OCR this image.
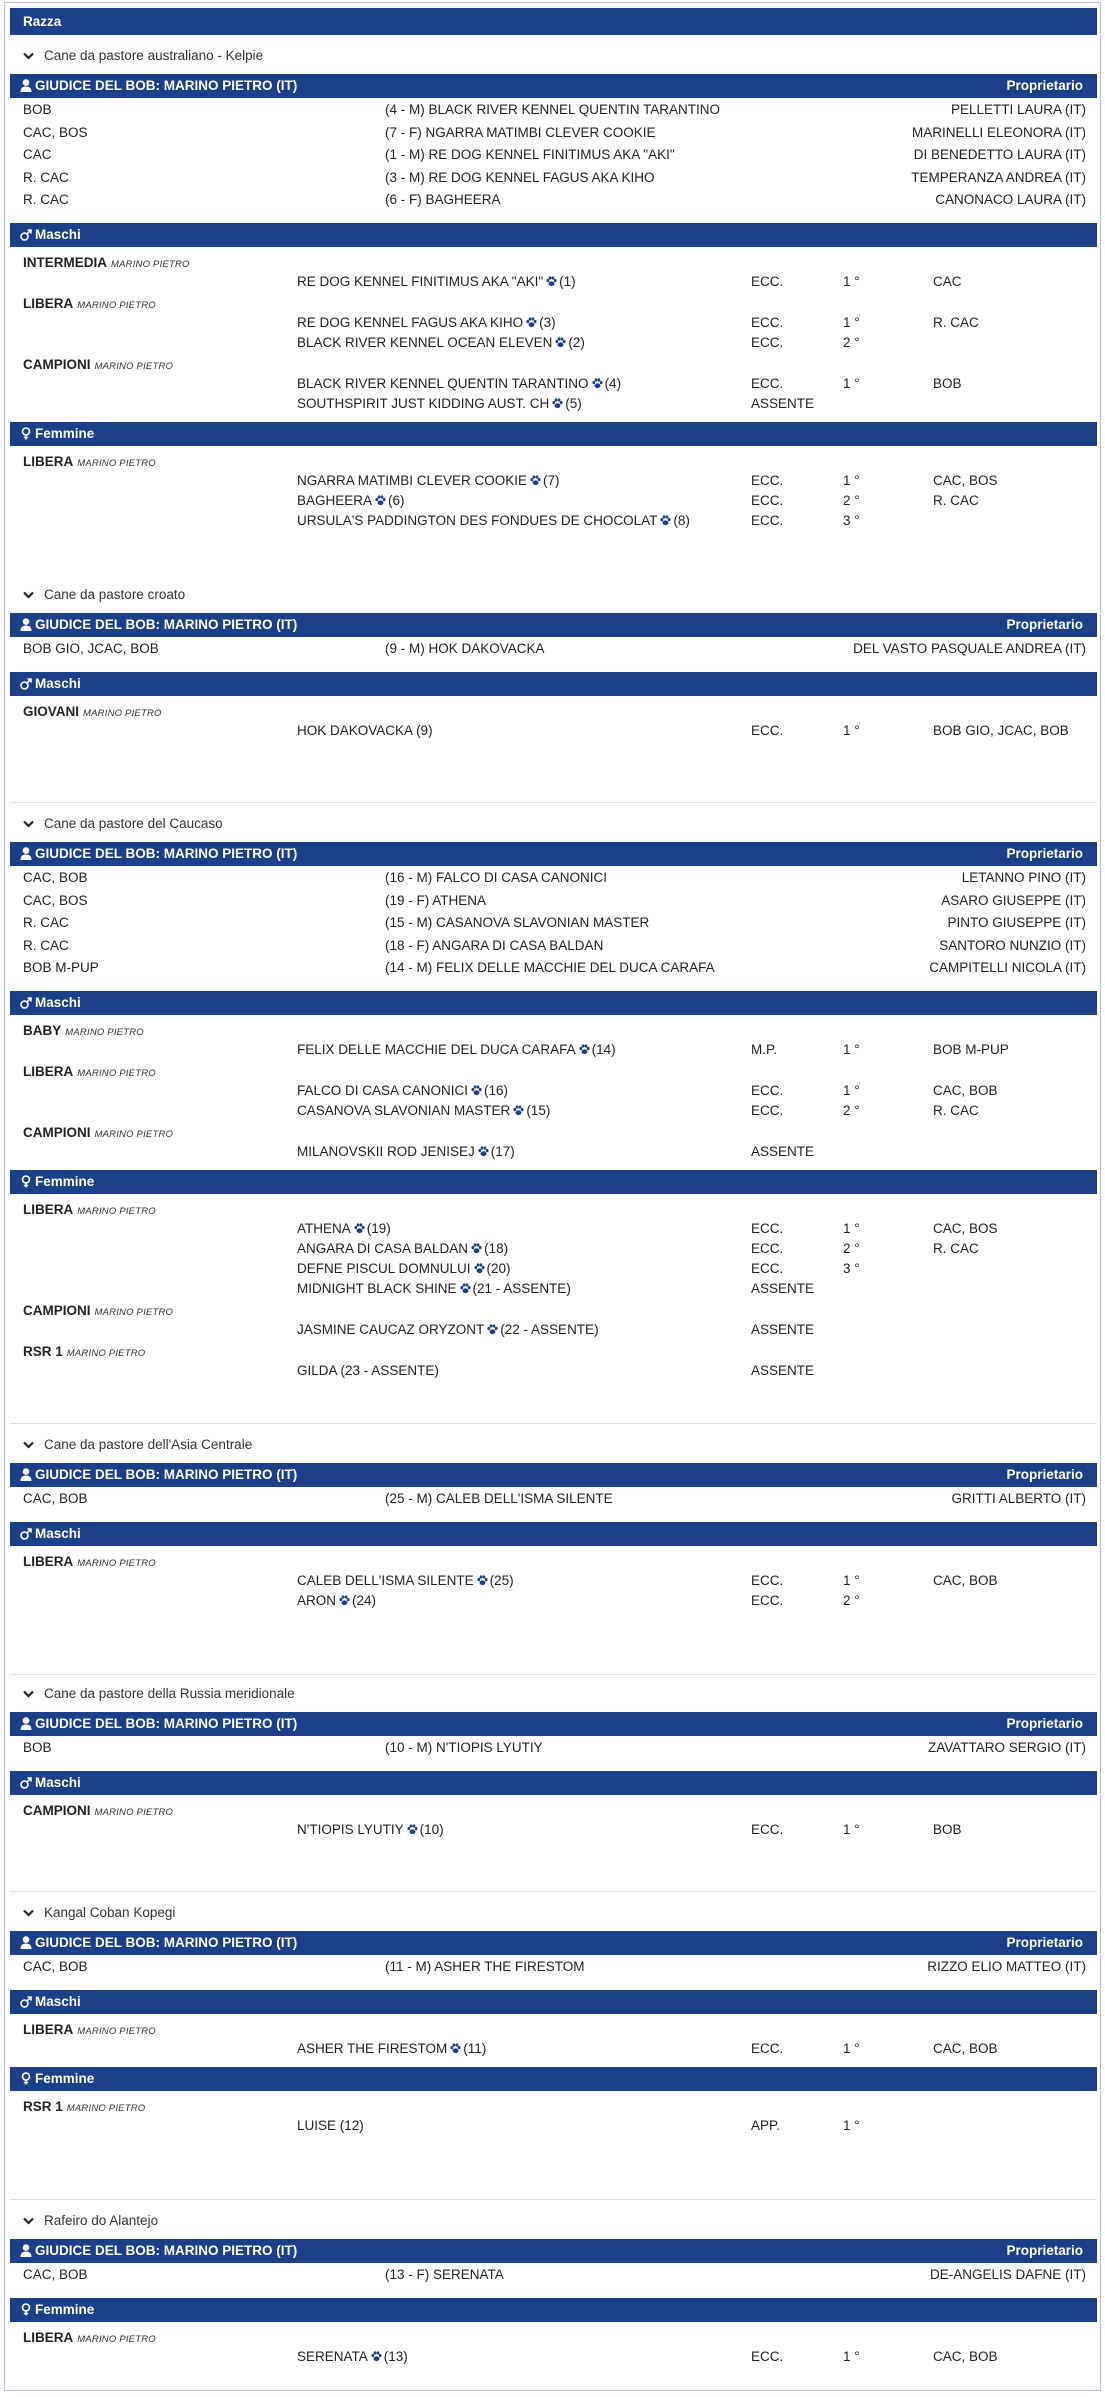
Razza
Cane da pastore australiano - Kelpie
GIUDICE DEL BOB: MARINO PIETRO (IT)	Proprietario
BOB	(4 - M) BLACK RIVER KENNEL QUENTIN TARANTINO	PELLETTI LAURA (IT)
CAC, BOS	(7 - F) NGARRA MATIMBI CLEVER COOKIE	MARINELLI ELEONORA (IT)
CAC	(1 - M) RE DOG KENNEL FINITIMUS AKA "AKI"	DI BENEDETTO LAURA (IT)
R. CAC	(3 - M) RE DOG KENNEL FAGUS AKA KIHO	TEMPERANZA ANDREA (IT)
R. CAC	(6 - F) BAGHEERA	CANONACO LAURA (IT)
Maschi
INTERMEDIA MARINO PIETRO
RE DOG KENNEL FINITIMUS AKA "AKI" (1)	ECC.	1 °	CAC
LIBERA MARINO PIETRO
RE DOG KENNEL FAGUS AKA KIHO (3)	ECC.	1 °	R. CAC
BLACK RIVER KENNEL OCEAN ELEVEN (2)	ECC.	2 °
CAMPIONI MARINO PIETRO
BLACK RIVER KENNEL QUENTIN TARANTINO (4)	ECC.	1 °	BOB
SOUTHSPIRIT JUST KIDDING AUST. CH (5)	ASSENTE
Femmine
LIBERA MARINO PIETRO
NGARRA MATIMBI CLEVER COOKIE (7)	ECC.	1 °	CAC, BOS
BAGHEERA (6)	ECC.	2 °	R. CAC
URSULA'S PADDINGTON DES FONDUES DE CHOCOLAT (8)	ECC.	3 °
Cane da pastore croato
GIUDICE DEL BOB: MARINO PIETRO (IT)	Proprietario
BOB GIO, JCAC, BOB	(9 - M) HOK DAKOVACKA	DEL VASTO PASQUALE ANDREA (IT)
Maschi
GIOVANI MARINO PIETRO
HOK DAKOVACKA (9)	ECC.	1 °	BOB GIO, JCAC, BOB
Cane da pastore del Caucaso
GIUDICE DEL BOB: MARINO PIETRO (IT)	Proprietario
CAC, BOB	(16 - M) FALCO DI CASA CANONICI	LETANNO PINO (IT)
CAC, BOS	(19 - F) ATHENA	ASARO GIUSEPPE (IT)
R. CAC	(15 - M) CASANOVA SLAVONIAN MASTER	PINTO GIUSEPPE (IT)
R. CAC	(18 - F) ANGARA DI CASA BALDAN	SANTORO NUNZIO (IT)
BOB M-PUP	(14 - M) FELIX DELLE MACCHIE DEL DUCA CARAFA	CAMPITELLI NICOLA (IT)
Maschi
BABY MARINO PIETRO
FELIX DELLE MACCHIE DEL DUCA CARAFA (14)	M.P.	1 °	BOB M-PUP
LIBERA MARINO PIETRO
FALCO DI CASA CANONICI (16)	ECC.	1 °	CAC, BOB
CASANOVA SLAVONIAN MASTER (15)	ECC.	2 °	R. CAC
CAMPIONI MARINO PIETRO
MILANOVSKII ROD JENISEJ (17)	ASSENTE
Femmine
LIBERA MARINO PIETRO
ATHENA (19)	ECC.	1 °	CAC, BOS
ANGARA DI CASA BALDAN (18)	ECC.	2 °	R. CAC
DEFNE PISCUL DOMNULUI (20)	ECC.	3 °
MIDNIGHT BLACK SHINE (21 - ASSENTE)	ASSENTE
CAMPIONI MARINO PIETRO
JASMINE CAUCAZ ORYZONT (22 - ASSENTE)	ASSENTE
RSR 1 MARINO PIETRO
GILDA (23 - ASSENTE)	ASSENTE
Cane da pastore dell'Asia Centrale
GIUDICE DEL BOB: MARINO PIETRO (IT)	Proprietario
CAC, BOB	(25 - M) CALEB DELL'ISMA SILENTE	GRITTI ALBERTO (IT)
Maschi
LIBERA MARINO PIETRO
CALEB DELL'ISMA SILENTE (25)	ECC.	1 °	CAC, BOB
ARON (24)	ECC.	2 °
Cane da pastore della Russia meridionale
GIUDICE DEL BOB: MARINO PIETRO (IT)	Proprietario
BOB	(10 - M) N'TIOPIS LYUTIY	ZAVATTARO SERGIO (IT)
Maschi
CAMPIONI MARINO PIETRO
N'TIOPIS LYUTIY (10)	ECC.	1 °	BOB
Kangal Coban Kopegi
GIUDICE DEL BOB: MARINO PIETRO (IT)	Proprietario
CAC, BOB	(11 - M) ASHER THE FIRESTOM	RIZZO ELIO MATTEO (IT)
Maschi
LIBERA MARINO PIETRO
ASHER THE FIRESTOM (11)	ECC.	1 °	CAC, BOB
Femmine
RSR 1 MARINO PIETRO
LUISE (12)	APP.	1 °
Rafeiro do Alantejo
GIUDICE DEL BOB: MARINO PIETRO (IT)	Proprietario
CAC, BOB	(13 - F) SERENATA	DE-ANGELIS DAFNE (IT)
Femmine
LIBERA MARINO PIETRO
SERENATA (13)	ECC.	1 °	CAC, BOB
